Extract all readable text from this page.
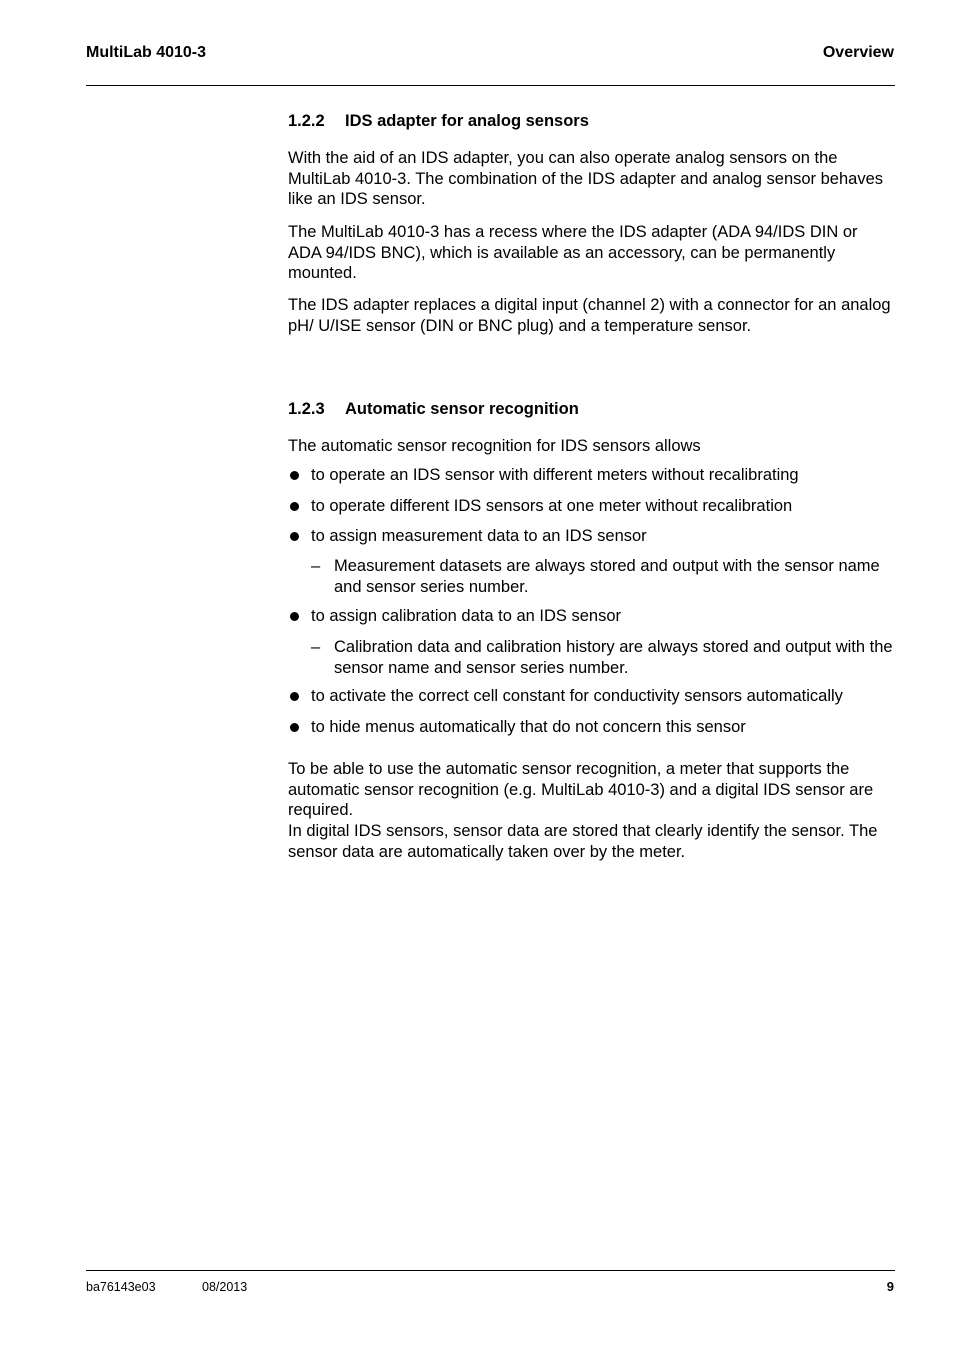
MultiLab 4010-3	Overview
1.2.2 IDS adapter for analog sensors

With the aid of an IDS adapter, you can also operate analog sensors on the MultiLab 4010-3. The combination of the IDS adapter and analog sensor behaves like an IDS sensor.

The MultiLab 4010-3 has a recess where the IDS adapter (ADA 94/IDS DIN or ADA 94/IDS BNC), which is available as an accessory, can be permanently mounted.

The IDS adapter replaces a digital input (channel 2) with a connector for an analog pH/ U/ISE sensor (DIN or BNC plug) and a temperature sensor.

1.2.3 Automatic sensor recognition

The automatic sensor recognition for IDS sensors allows

to operate an IDS sensor with different meters without recalibrating
to operate different IDS sensors at one meter without recalibration
to assign measurement data to an IDS sensor
– Measurement datasets are always stored and output with the sensor name and sensor series number.
to assign calibration data to an IDS sensor
– Calibration data and calibration history are always stored and output with the sensor name and sensor series number.
to activate the correct cell constant for conductivity sensors automatically
to hide menus automatically that do not concern this sensor

To be able to use the automatic sensor recognition, a meter that supports the automatic sensor recognition (e.g. MultiLab 4010-3) and a digital IDS sensor are required.

In digital IDS sensors, sensor data are stored that clearly identify the sensor. The sensor data are automatically taken over by the meter.

ba76143e03	08/2013	9
